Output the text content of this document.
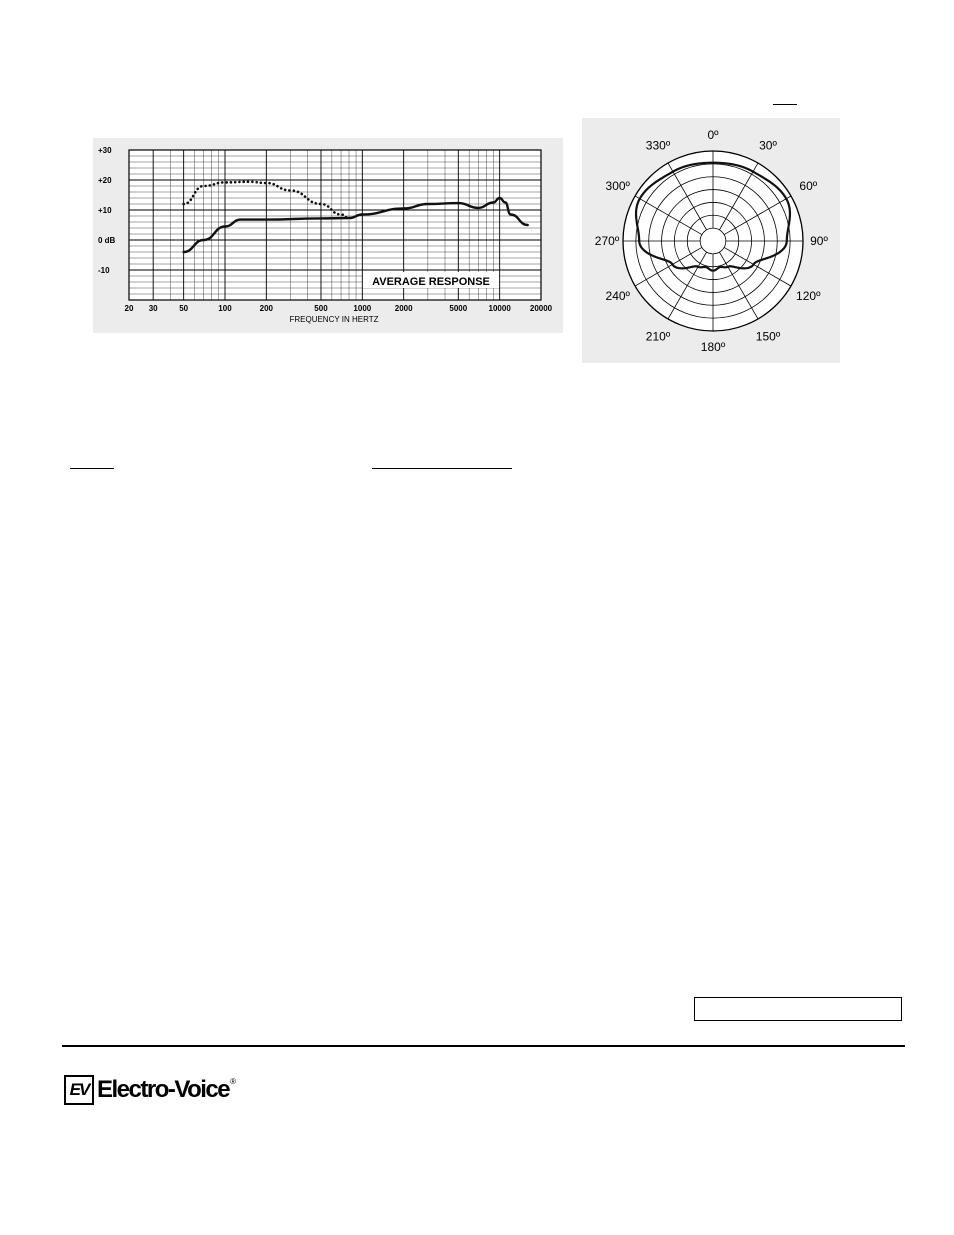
+30
+20
+10
0 dB
-10
20 30	50	100	200	500	1000	2000	5000	10000 20000
AVERAGE RESPONSE
FREQUENCY IN HERTZ
0º
30º
60º
90º
120º
150º
180º
210º
240º
270º
300º
330º
EV Electro-Voice ®
